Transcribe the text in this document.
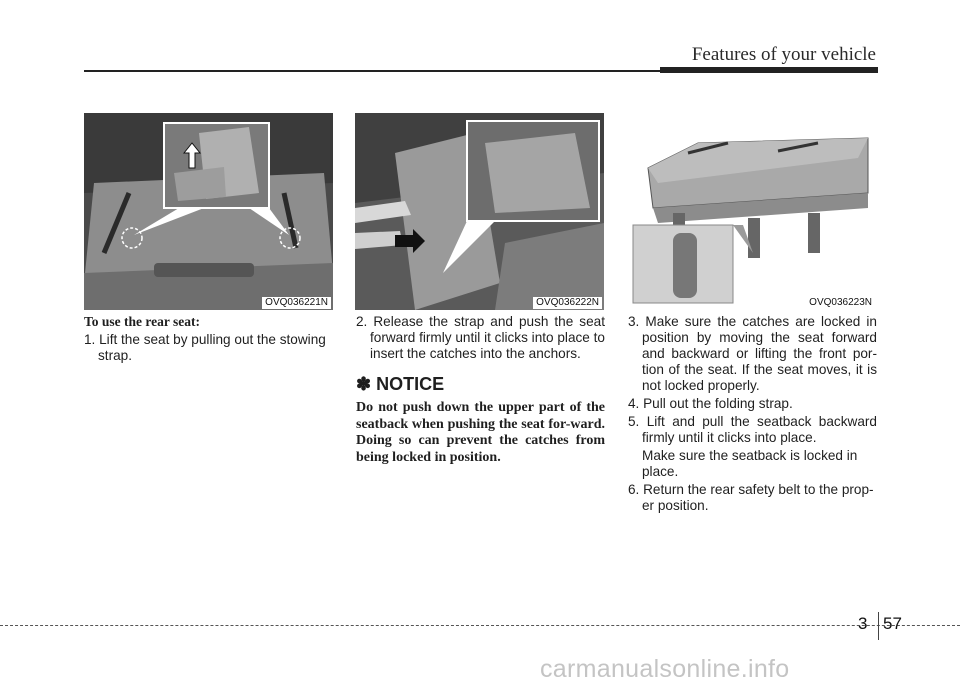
Features of your vehicle
OVQ036221N	OVQ036222N	OVQ036223N

To use the rear seat:

1. Lift the seat by pulling out the stowing strap.

2. Release the strap and push the seat forward firmly until it clicks into place to insert the catches into the anchors.

✽ NOTICE

Do not push down the upper part of the seatback when pushing the seat for-ward. Doing so can prevent the catches from being locked in position.

3. Make sure the catches are locked in position by moving the seat forward and backward or lifting the front por-tion of the seat. If the seat moves, it is not locked properly.

4. Pull out the folding strap.

5. Lift and pull the seatback backward firmly until it clicks into place.

Make sure the seatback is locked in place.

6. Return the rear safety belt to the prop-er position.

3 57
carmanualsonline.info
